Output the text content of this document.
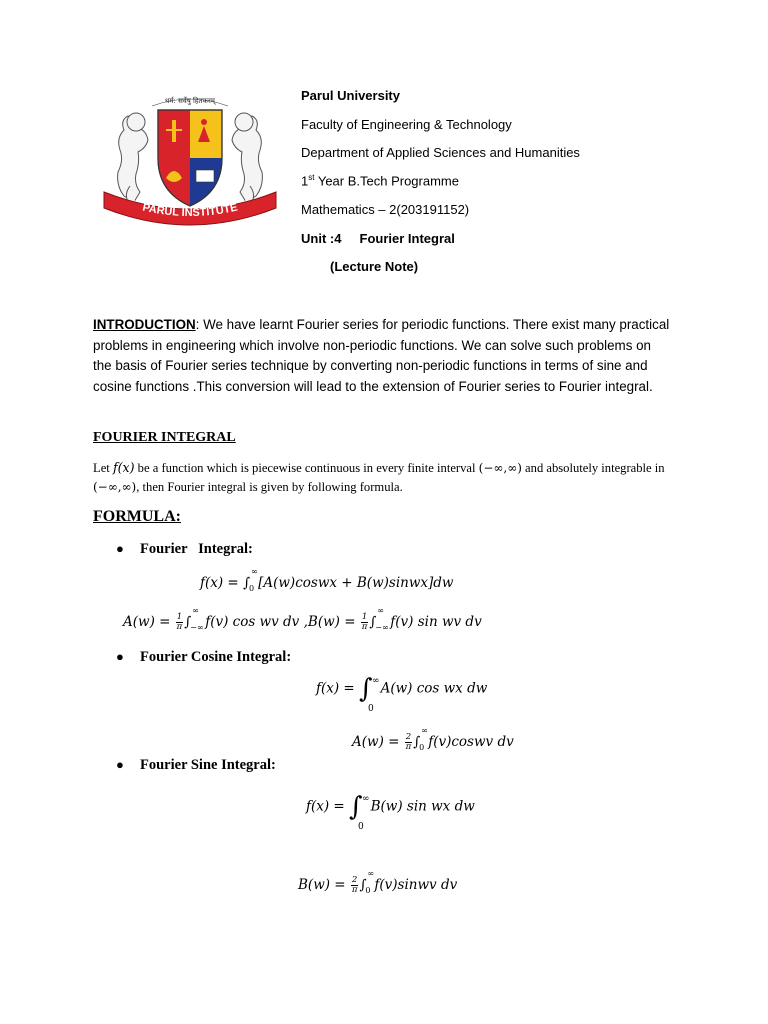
धर्म: सर्वेषु हितकरम्
PARUL INSTITUTE
Parul University
Faculty of Engineering & Technology
Department of Applied Sciences and Humanities
1st Year B.Tech Programme
Mathematics – 2(203191152)
Unit :4     Fourier Integral
(Lecture Note)
INTRODUCTION: We have learnt Fourier series for periodic functions. There exist many practical problems in engineering which involve non-periodic functions. We can solve such problems on the basis of Fourier series technique by converting non-periodic functions in terms of sine and cosine functions .This conversion will lead to the extension of Fourier series to Fourier integral.
FOURIER INTEGRAL
Let f(x) be a function which is piecewise continuous in every finite interval (−∞,∞) and absolutely integrable in (−∞,∞), then Fourier integral is given by following formula.
FORMULA:
● Fourier   Integral:
f(x) = ∫
∞
0 [A(w)coswx + B(w)sinwx]dw
$A(w) = \frac{1}{\pi}$ ∫
∞
−∞ f(v) cos wv dv $,B(w) = \frac{1}{\pi}$ ∫
∞
−∞ f(v) sin wv dv
● Fourier Cosine Integral:
f(x) = ∫ ∞
0
A(w) cos wx dw
$A(w) = \frac{2}{\pi}$ ∫
∞
0 f(v)coswv dv
● Fourier Sine Integral:
f(x) = ∫ ∞
0
B(w) sin wx dw
$B(w) = \frac{2}{\pi}$ ∫
∞
0 f(v)sinwv dv
